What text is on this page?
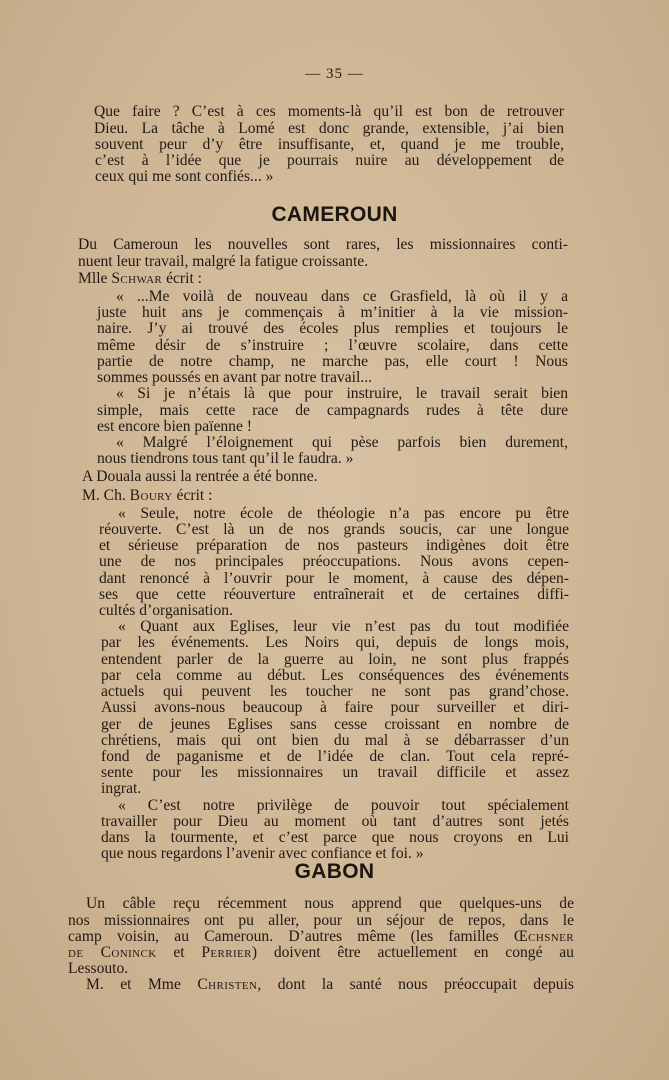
— 35 —
Que faire ? C’est à ces moments-là qu’il est bon de retrouver
Dieu. La tâche à Lomé est donc grande, extensible, j’ai bien
souvent peur d’y être insuffisante, et, quand je me trouble,
c’est à l’idée que je pourrais nuire au développement de
ceux qui me sont confiés... »
CAMEROUN
Du Cameroun les nouvelles sont rares, les missionnaires conti-
nuent leur travail, malgré la fatigue croissante.
Mlle Schwar écrit :
« ...Me voilà de nouveau dans ce Grasfield, là où il y a
juste huit ans je commençais à m’initier à la vie mission-
naire. J’y ai trouvé des écoles plus remplies et toujours le
même désir de s’instruire ; l’œuvre scolaire, dans cette
partie de notre champ, ne marche pas, elle court ! Nous
sommes poussés en avant par notre travail...
« Si je n’étais là que pour instruire, le travail serait bien
simple, mais cette race de campagnards rudes à tête dure
est encore bien païenne !
« Malgré l’éloignement qui pèse parfois bien durement,
nous tiendrons tous tant qu’il le faudra. »
A Douala aussi la rentrée a été bonne.
M. Ch. Boury écrit :
« Seule, notre école de théologie n’a pas encore pu être
réouverte. C’est là un de nos grands soucis, car une longue
et sérieuse préparation de nos pasteurs indigènes doit être
une de nos principales préoccupations. Nous avons cepen-
dant renoncé à l’ouvrir pour le moment, à cause des dépen-
ses que cette réouverture entraînerait et de certaines diffi-
cultés d’organisation.
« Quant aux Eglises, leur vie n’est pas du tout modifiée
par les événements. Les Noirs qui, depuis de longs mois,
entendent parler de la guerre au loin, ne sont plus frappés
par cela comme au début. Les conséquences des événements
actuels qui peuvent les toucher ne sont pas grand’chose.
Aussi avons-nous beaucoup à faire pour surveiller et diri-
ger de jeunes Eglises sans cesse croissant en nombre de
chrétiens, mais qui ont bien du mal à se débarrasser d’un
fond de paganisme et de l’idée de clan. Tout cela repré-
sente pour les missionnaires un travail difficile et assez
ingrat.
« C’est notre privilège de pouvoir tout spécialement
travailler pour Dieu au moment où tant d’autres sont jetés
dans la tourmente, et c’est parce que nous croyons en Lui
que nous regardons l’avenir avec confiance et foi. »
GABON
Un câble reçu récemment nous apprend que quelques-uns de
nos missionnaires ont pu aller, pour un séjour de repos, dans le
camp voisin, au Cameroun. D’autres même (les familles Œchsner
de Coninck et Perrier) doivent être actuellement en congé au
Lessouto.
M. et Mme Christen, dont la santé nous préoccupait depuis
